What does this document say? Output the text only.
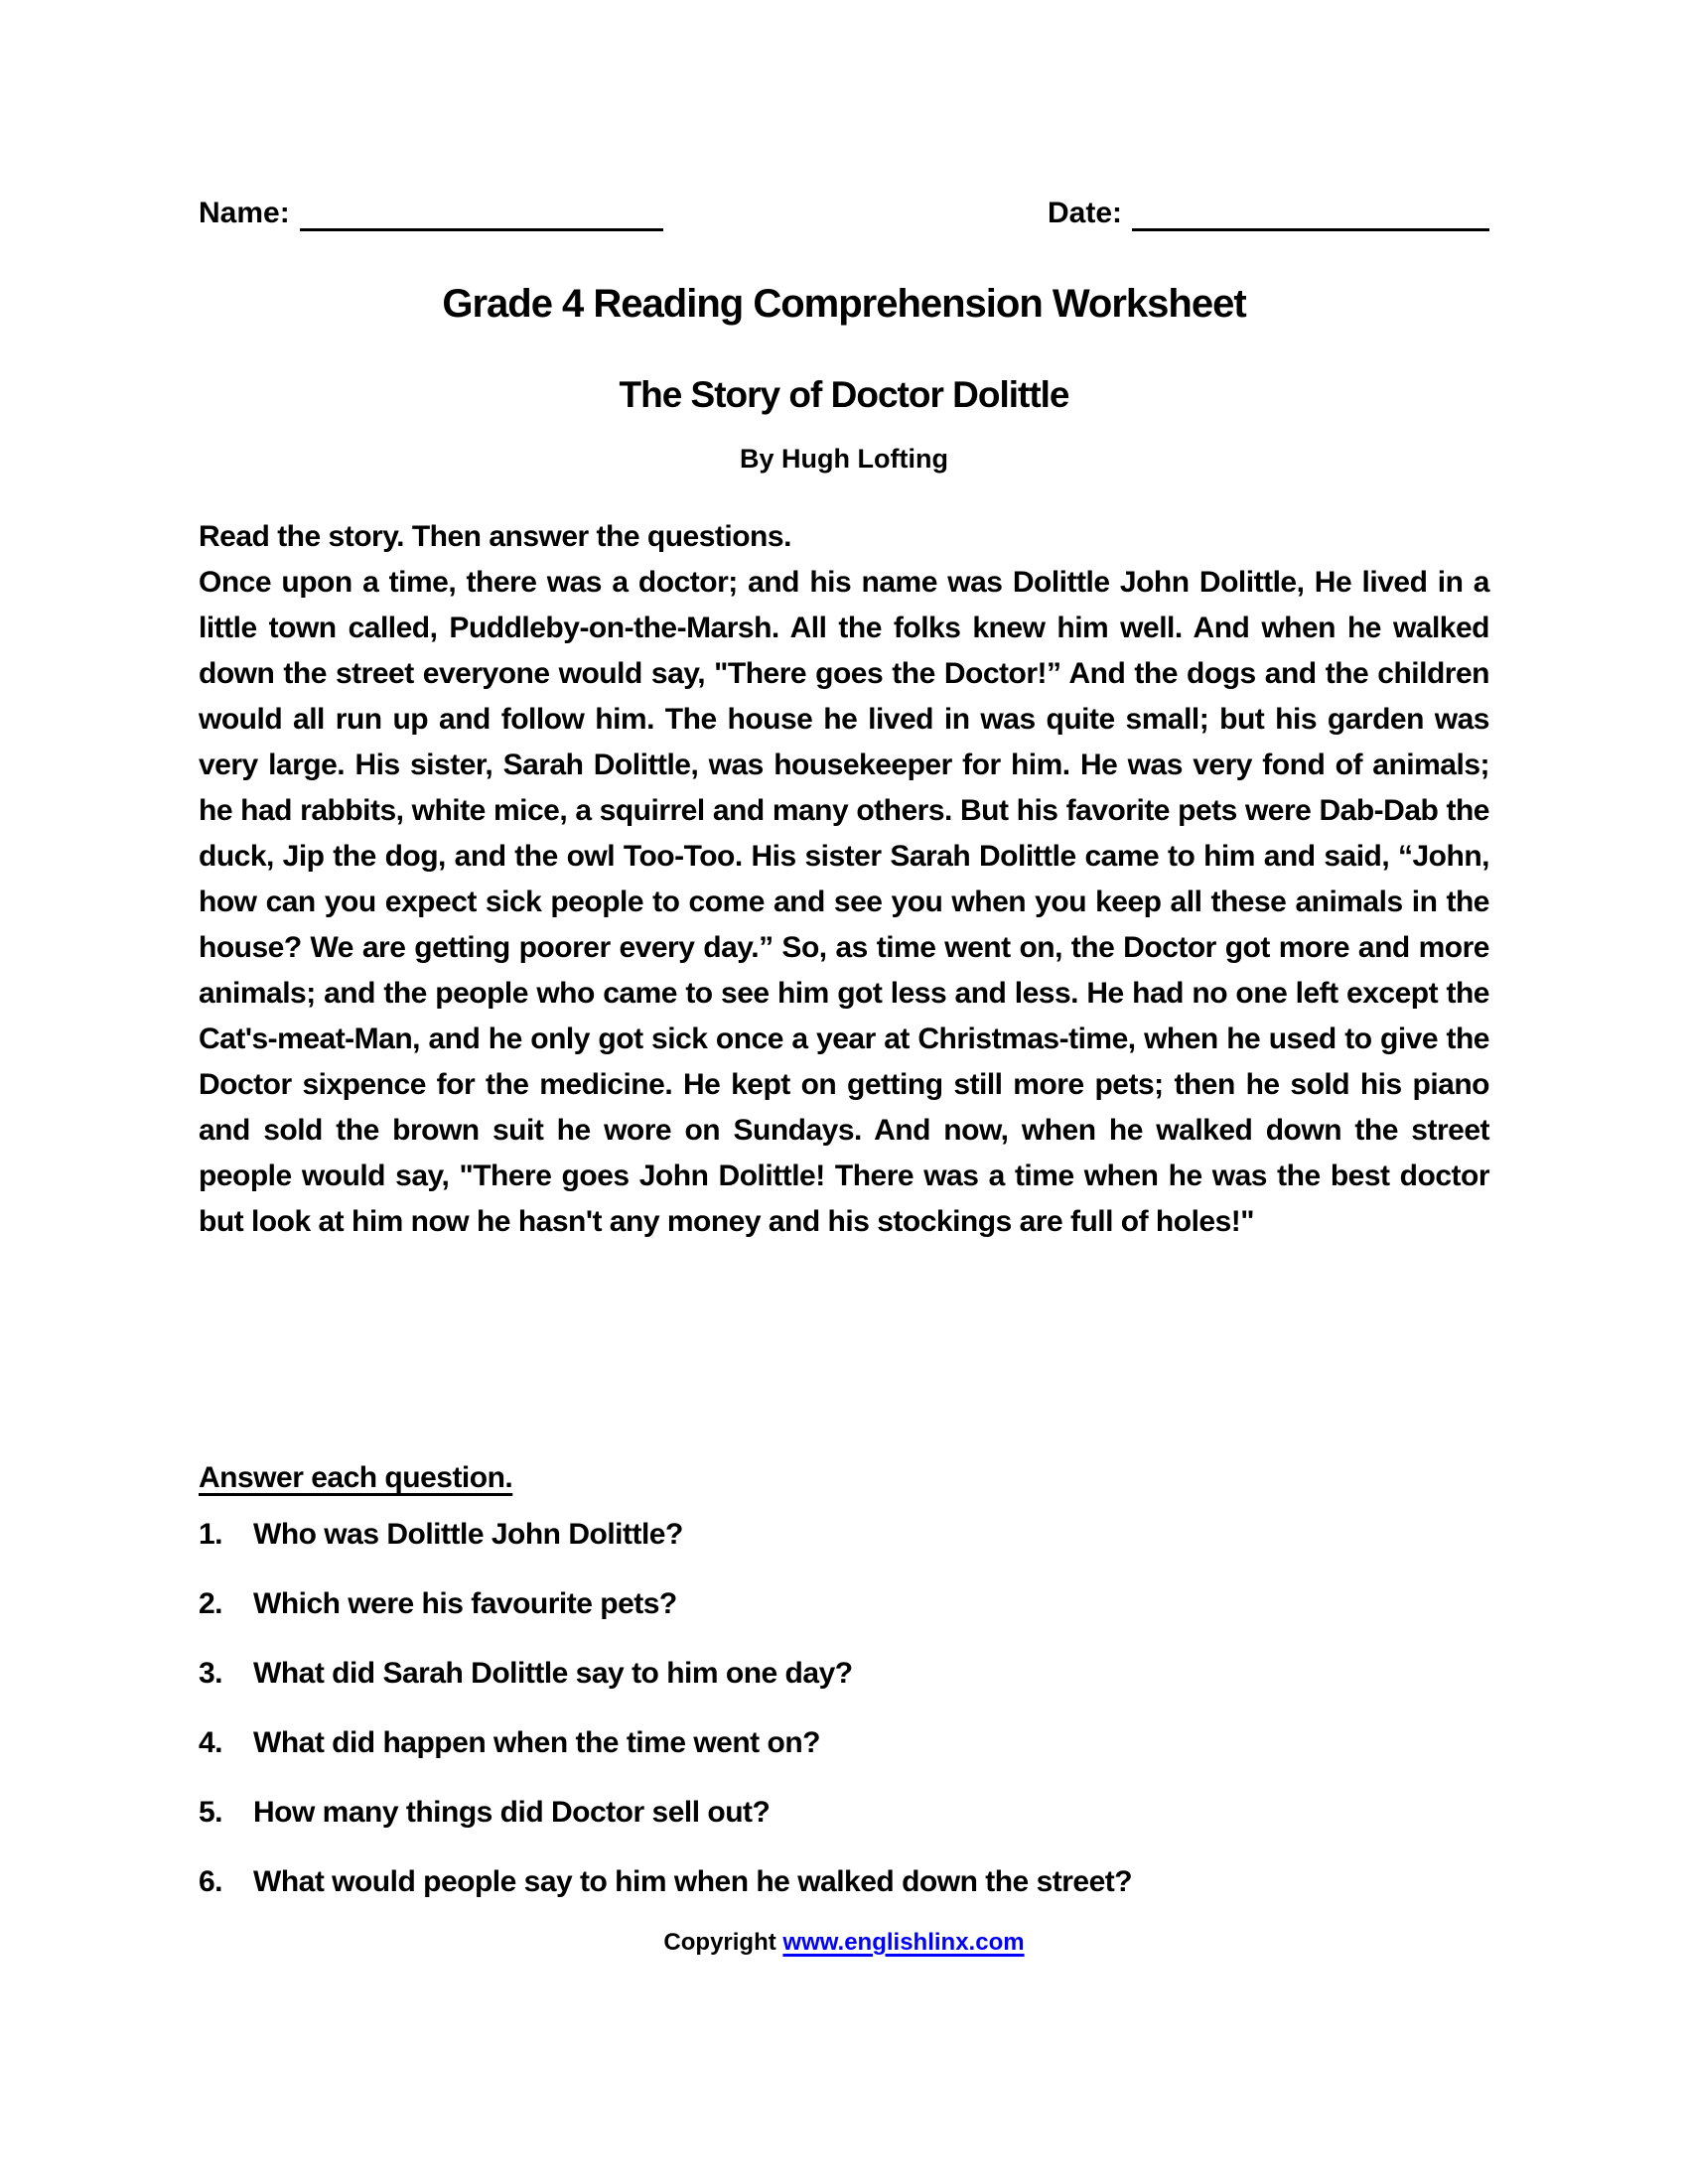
Name:	Date:
Grade 4 Reading Comprehension Worksheet
The Story of Doctor Dolittle
By Hugh Lofting
Read the story. Then answer the questions.
Once upon a time, there was a doctor; and his name was Dolittle John Dolittle, He lived in a little town called, Puddleby-on-the-Marsh. All the folks knew him well. And when he walked down the street everyone would say, "There goes the Doctor!” And the dogs and the children would all run up and follow him. The house he lived in was quite small; but his garden was very large. His sister, Sarah Dolittle, was housekeeper for him. He was very fond of animals; he had rabbits, white mice, a squirrel and many others. But his favorite pets were Dab-Dab the duck, Jip the dog, and the owl Too-Too. His sister Sarah Dolittle came to him and said, “John, how can you expect sick people to come and see you when you keep all these animals in the house? We are getting poorer every day.” So, as time went on, the Doctor got more and more animals; and the people who came to see him got less and less. He had no one left except the Cat's-meat-Man, and he only got sick once a year at Christmas-time, when he used to give the Doctor sixpence for the medicine. He kept on getting still more pets; then he sold his piano and sold the brown suit he wore on Sundays. And now, when he walked down the street people would say, "There goes John Dolittle! There was a time when he was the best doctor but look at him now he hasn't any money and his stockings are full of holes!"
Answer each question.
1.	Who was Dolittle John Dolittle?
2.	Which were his favourite pets?
3.	What did Sarah Dolittle say to him one day?
4.	What did happen when the time went on?
5.	How many things did Doctor sell out?
6.	What would people say to him when he walked down the street?
Copyright www.englishlinx.com
